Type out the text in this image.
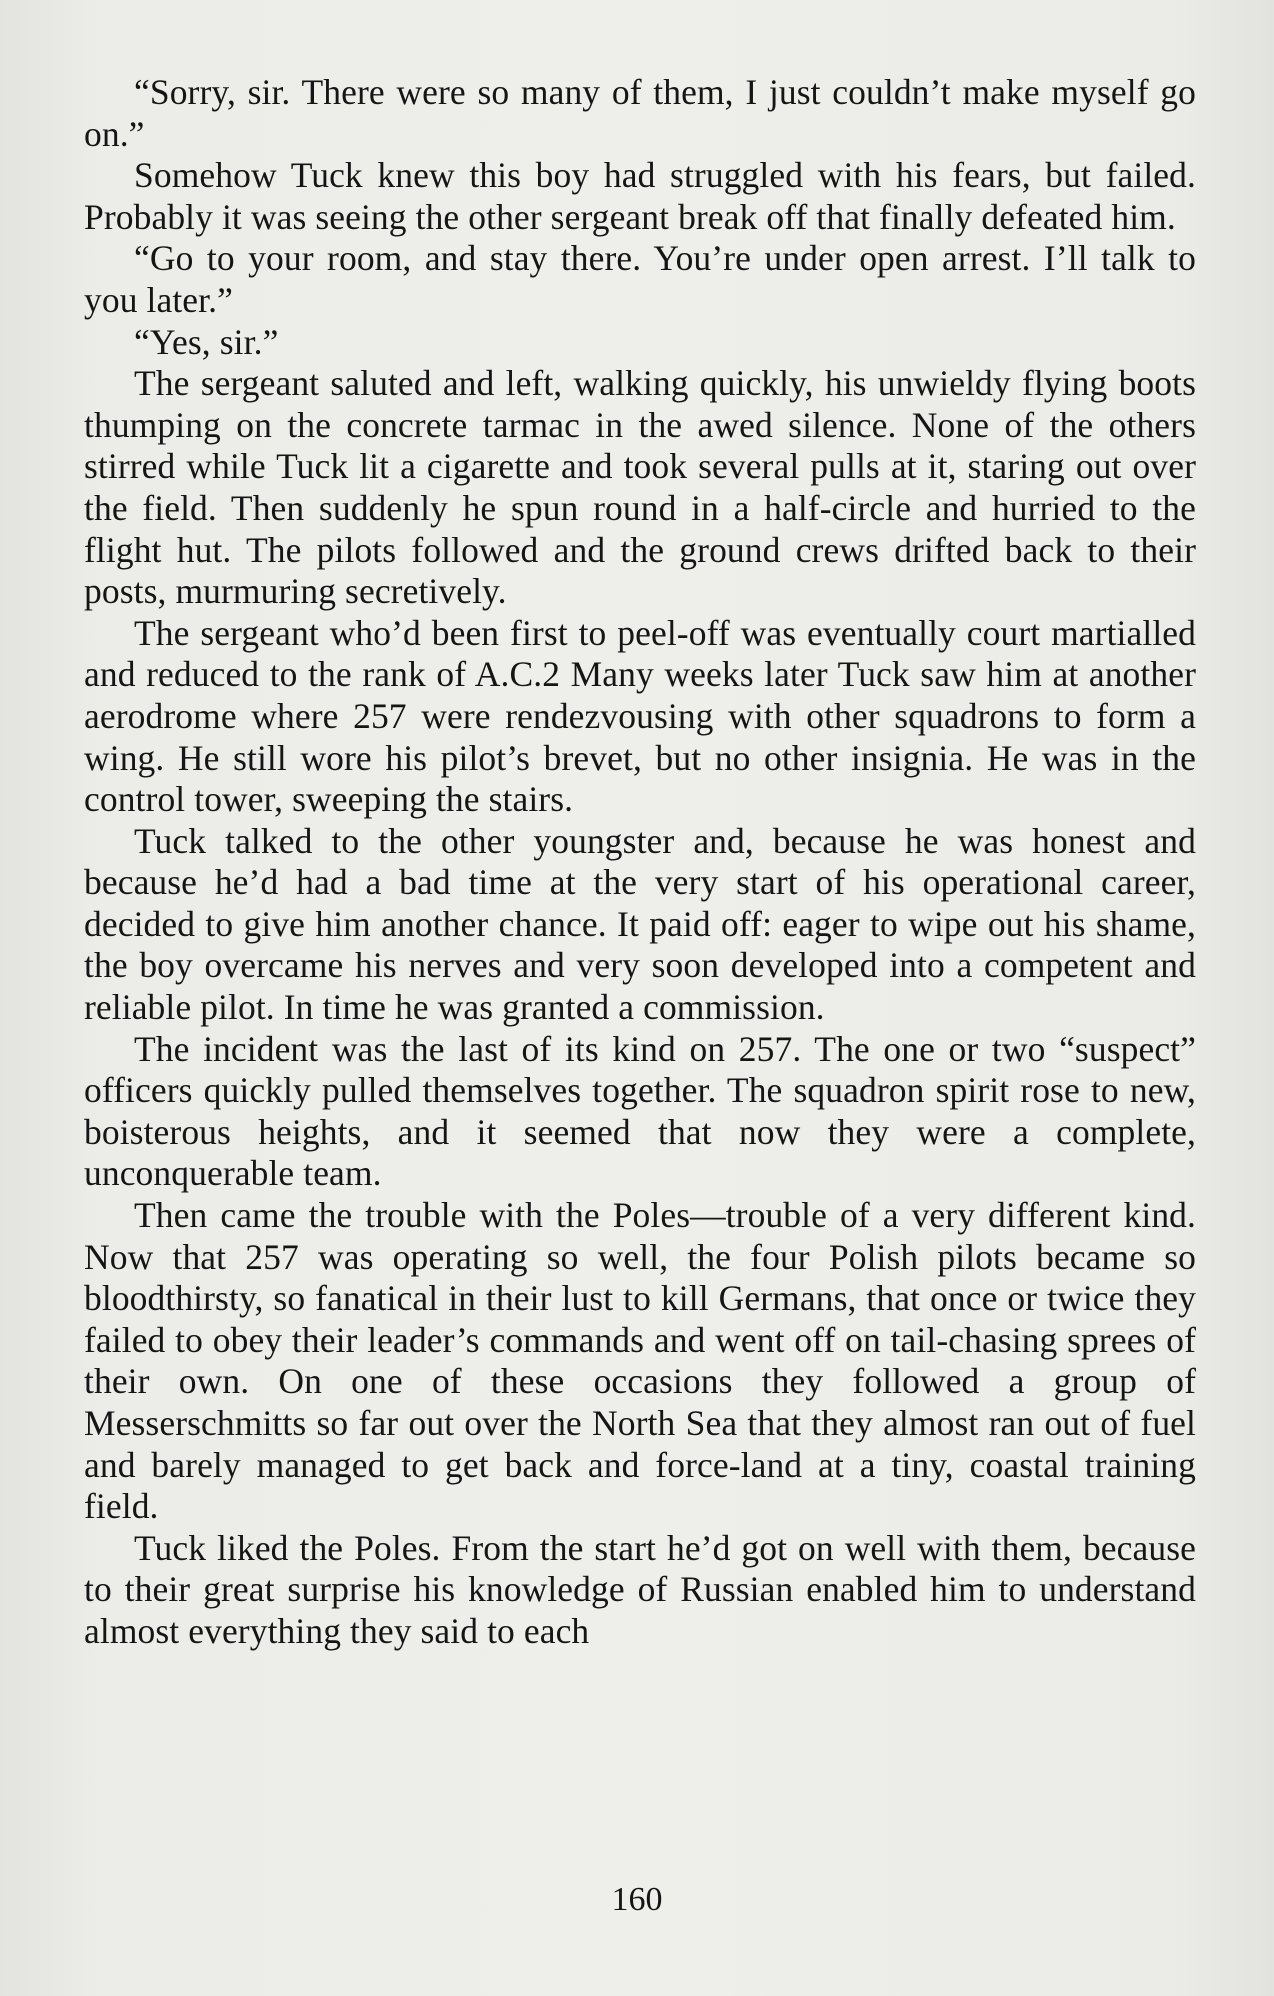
“Sorry, sir. There were so many of them, I just couldn’t make myself go on.”

Somehow Tuck knew this boy had struggled with his fears, but failed. Probably it was seeing the other sergeant break off that finally defeated him.

“Go to your room, and stay there. You’re under open arrest. I’ll talk to you later.”

“Yes, sir.”

The sergeant saluted and left, walking quickly, his unwieldy flying boots thumping on the concrete tarmac in the awed silence. None of the others stirred while Tuck lit a cigarette and took several pulls at it, staring out over the field. Then suddenly he spun round in a half-circle and hurried to the flight hut. The pilots followed and the ground crews drifted back to their posts, murmuring secretively.

The sergeant who’d been first to peel-off was eventually court martialled and reduced to the rank of A.C.2 Many weeks later Tuck saw him at another aerodrome where 257 were rendezvousing with other squadrons to form a wing. He still wore his pilot’s brevet, but no other insignia. He was in the control tower, sweeping the stairs.

Tuck talked to the other youngster and, because he was honest and because he’d had a bad time at the very start of his operational career, decided to give him another chance. It paid off: eager to wipe out his shame, the boy overcame his nerves and very soon developed into a competent and reliable pilot. In time he was granted a commission.

The incident was the last of its kind on 257. The one or two “suspect” officers quickly pulled themselves together. The squadron spirit rose to new, boisterous heights, and it seemed that now they were a complete, unconquerable team.

Then came the trouble with the Poles—trouble of a very different kind. Now that 257 was operating so well, the four Polish pilots became so bloodthirsty, so fanatical in their lust to kill Germans, that once or twice they failed to obey their leader’s commands and went off on tail-chasing sprees of their own. On one of these occasions they followed a group of Messerschmitts so far out over the North Sea that they almost ran out of fuel and barely managed to get back and force-land at a tiny, coastal training field.

Tuck liked the Poles. From the start he’d got on well with them, because to their great surprise his knowledge of Russian enabled him to understand almost everything they said to each

160
